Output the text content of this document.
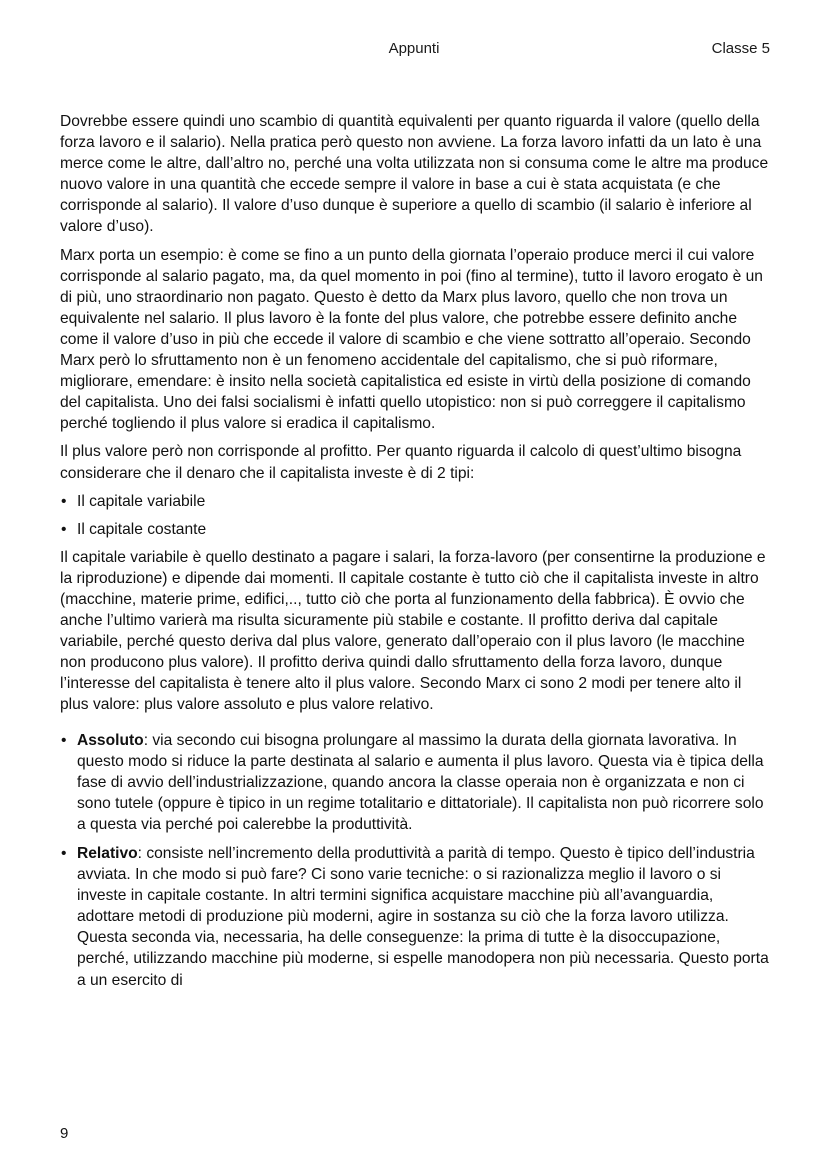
Appunti	Classe 5

Dovrebbe essere quindi uno scambio di quantità equivalenti per quanto riguarda il valore (quello della forza lavoro e il salario). Nella pratica però questo non avviene. La forza lavoro infatti da un lato è una merce come le altre, dall’altro no, perché una volta utilizzata non si consuma come le altre ma produce nuovo valore in una quantità che eccede sempre il valore in base a cui è stata acquistata (e che corrisponde al salario). Il valore d’uso dunque è superiore a quello di scambio (il salario è inferiore al valore d’uso).

Marx porta un esempio: è come se fino a un punto della giornata l’operaio produce merci il cui valore corrisponde al salario pagato, ma, da quel momento in poi (fino al termine), tutto il lavoro erogato è un di più, uno straordinario non pagato. Questo è detto da Marx plus lavoro, quello che non trova un equivalente nel salario. Il plus lavoro è la fonte del plus valore, che potrebbe essere definito anche come il valore d’uso in più che eccede il valore di scambio e che viene sottratto all’operaio. Secondo Marx però lo sfruttamento non è un fenomeno accidentale del capitalismo, che si può riformare, migliorare, emendare: è insito nella società capitalistica ed esiste in virtù della posizione di comando del capitalista. Uno dei falsi socialismi è infatti quello utopistico: non si può correggere il capitalismo perché togliendo il plus valore si eradica il capitalismo.

Il plus valore però non corrisponde al profitto. Per quanto riguarda il calcolo di quest’ultimo bisogna considerare che il denaro che il capitalista investe è di 2 tipi:

• Il capitale variabile
• Il capitale costante

Il capitale variabile è quello destinato a pagare i salari, la forza-lavoro (per consentirne la produzione e la riproduzione) e dipende dai momenti. Il capitale costante è tutto ciò che il capitalista investe in altro (macchine, materie prime, edifici,.., tutto ciò che porta al funzionamento della fabbrica). È ovvio che anche l’ultimo varierà ma risulta sicuramente più stabile e costante. Il profitto deriva dal capitale variabile, perché questo deriva dal plus valore, generato dall’operaio con il plus lavoro (le macchine non producono plus valore). Il profitto deriva quindi dallo sfruttamento della forza lavoro, dunque l’interesse del capitalista è tenere alto il plus valore. Secondo Marx ci sono 2 modi per tenere alto il plus valore: plus valore assoluto e plus valore relativo.

• Assoluto: via secondo cui bisogna prolungare al massimo la durata della giornata lavorativa. In questo modo si riduce la parte destinata al salario e aumenta il plus lavoro. Questa via è tipica della fase di avvio dell’industrializzazione, quando ancora la classe operaia non è organizzata e non ci sono tutele (oppure è tipico in un regime totalitario e dittatoriale). Il capitalista non può ricorrere solo a questa via perché poi calerebbe la produttività.
• Relativo: consiste nell’incremento della produttività a parità di tempo. Questo è tipico dell’industria avviata. In che modo si può fare? Ci sono varie tecniche: o si razionalizza meglio il lavoro o si investe in capitale costante. In altri termini significa acquistare macchine più all’avanguardia, adottare metodi di produzione più moderni, agire in sostanza su ciò che la forza lavoro utilizza. Questa seconda via, necessaria, ha delle conseguenze: la prima di tutte è la disoccupazione, perché, utilizzando macchine più moderne, si espelle manodopera non più necessaria. Questo porta a un esercito di
9
